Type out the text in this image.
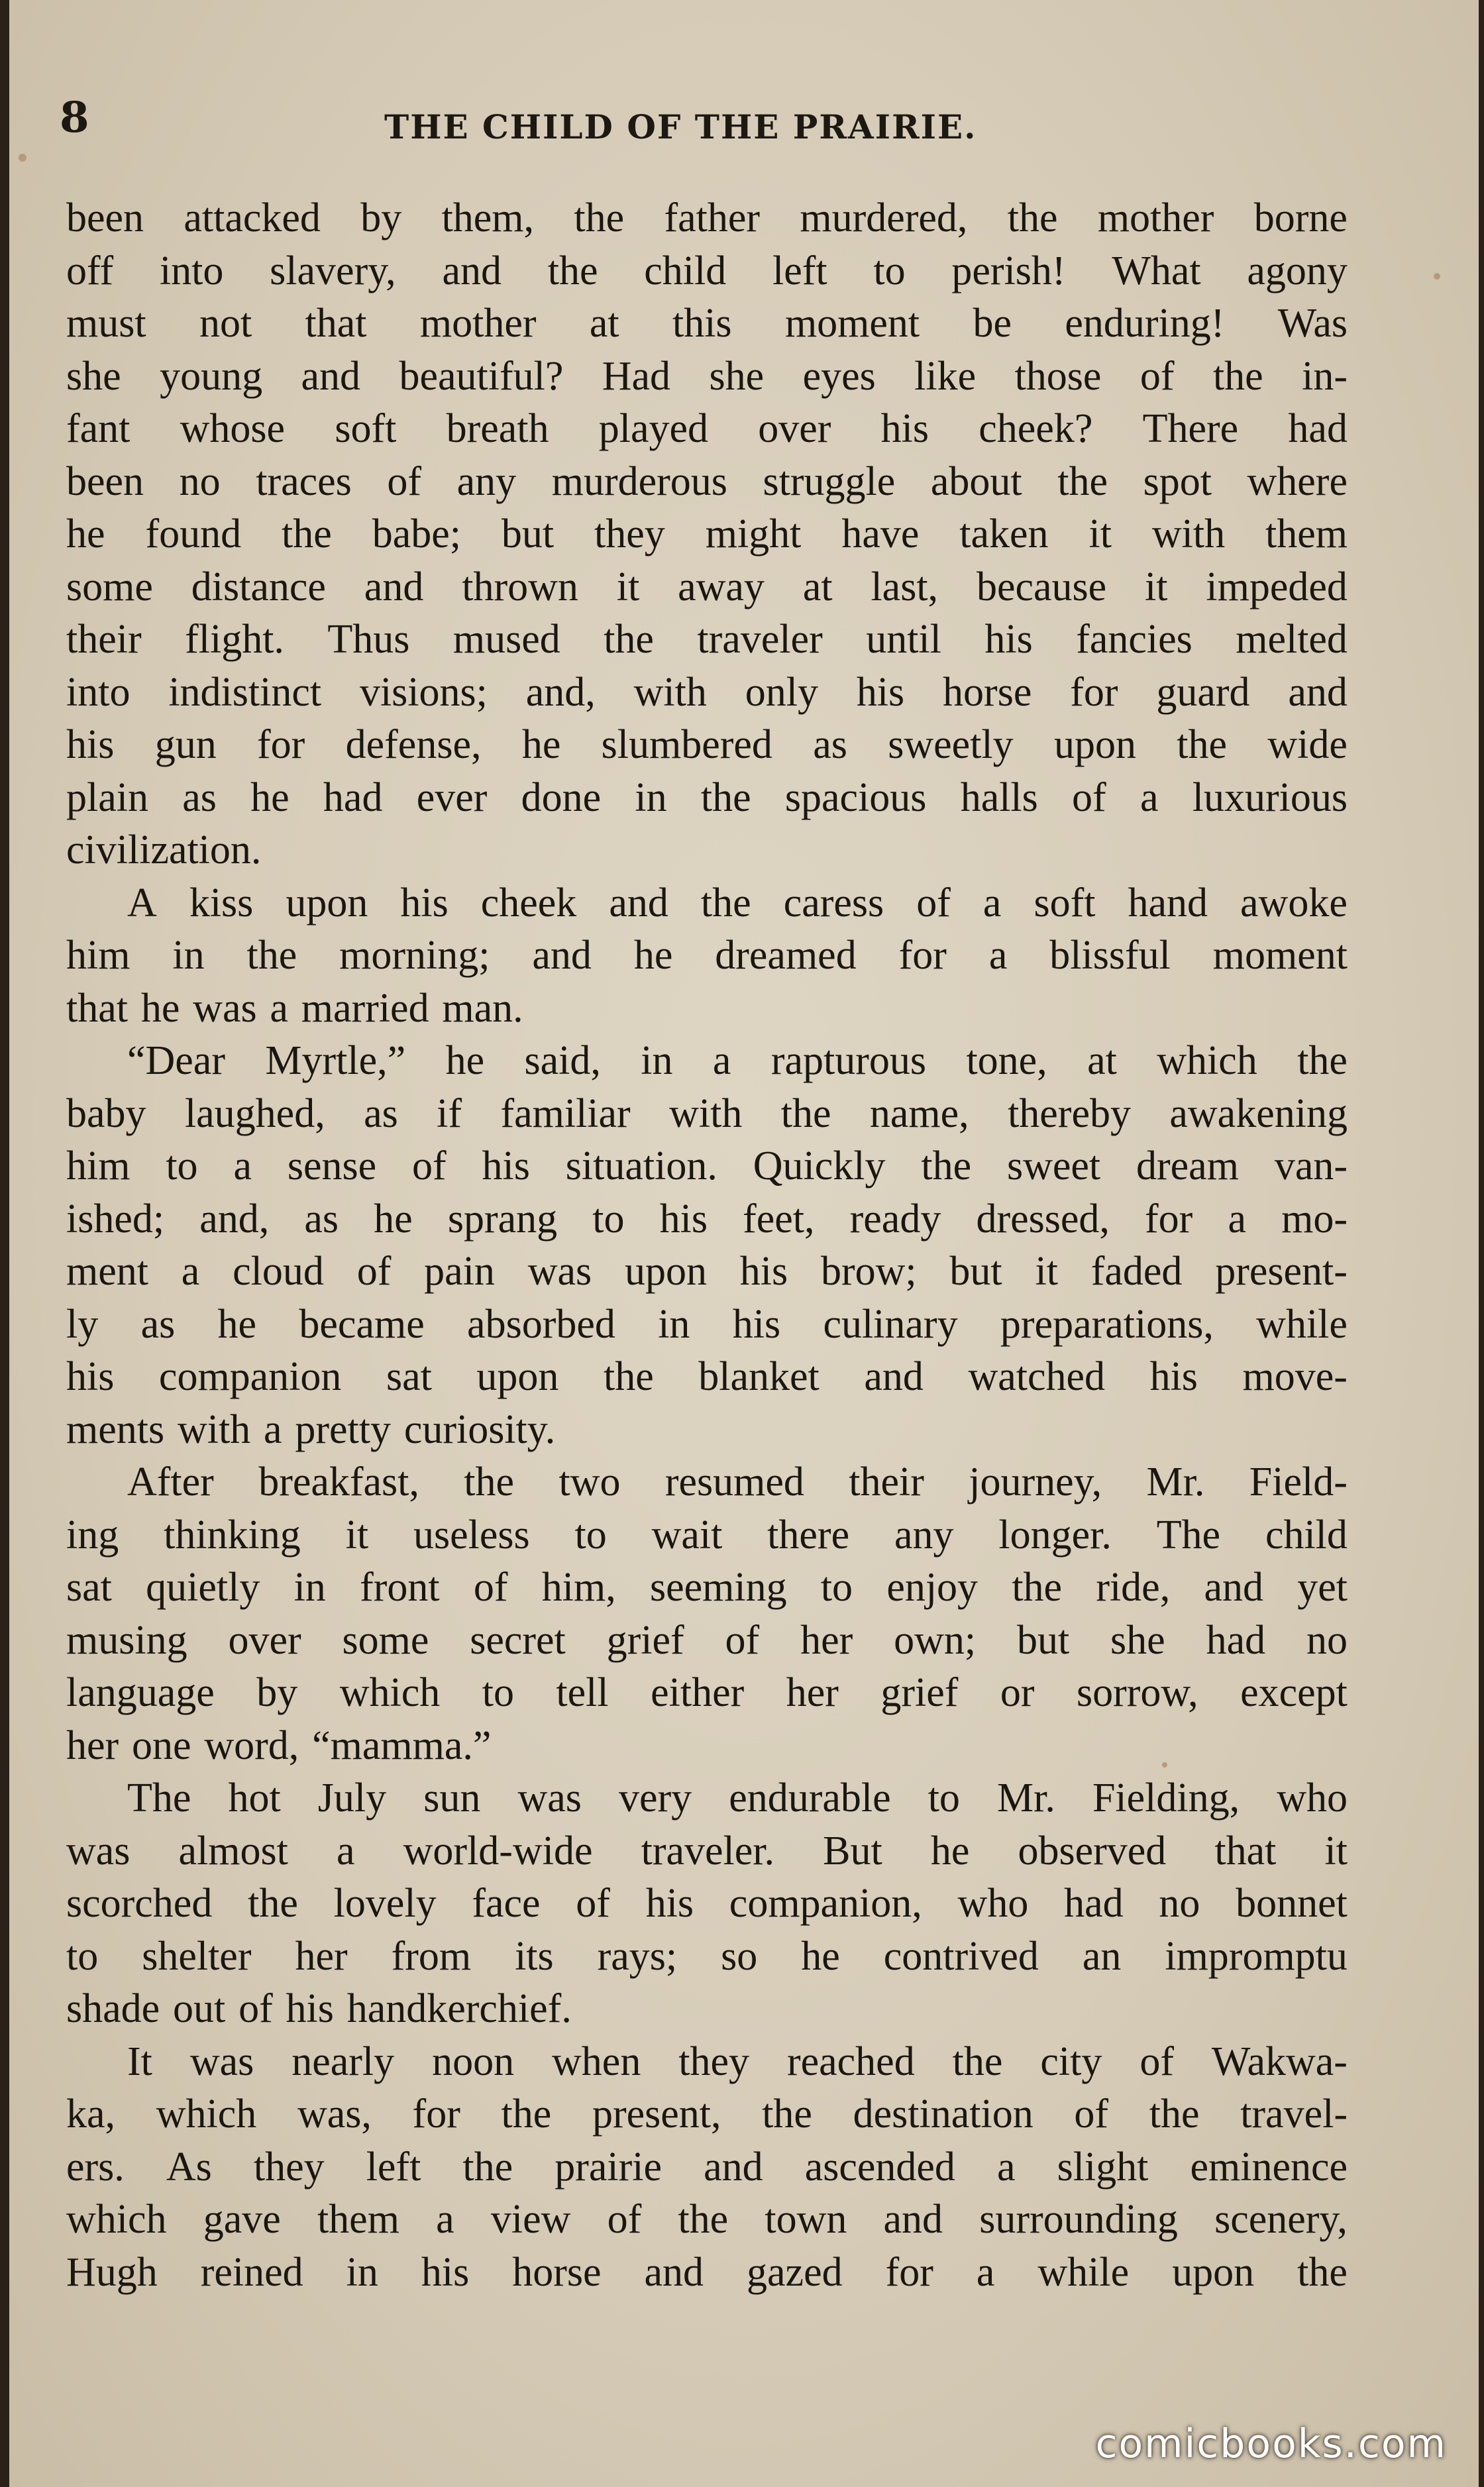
8	THE CHILD OF THE PRAIRIE.
been attacked by them, the father murdered, the mother borne
off into slavery, and the child left to perish! What agony
must not that mother at this moment be enduring! Was
she young and beautiful? Had she eyes like those of the in-
fant whose soft breath played over his cheek? There had
been no traces of any murderous struggle about the spot where
he found the babe; but they might have taken it with them
some distance and thrown it away at last, because it impeded
their flight. Thus mused the traveler until his fancies melted
into indistinct visions; and, with only his horse for guard and
his gun for defense, he slumbered as sweetly upon the wide
plain as he had ever done in the spacious halls of a luxurious
civilization.
A kiss upon his cheek and the caress of a soft hand awoke
him in the morning; and he dreamed for a blissful moment
that he was a married man.
“Dear Myrtle,” he said, in a rapturous tone, at which the
baby laughed, as if familiar with the name, thereby awakening
him to a sense of his situation. Quickly the sweet dream van-
ished; and, as he sprang to his feet, ready dressed, for a mo-
ment a cloud of pain was upon his brow; but it faded present-
ly as he became absorbed in his culinary preparations, while
his companion sat upon the blanket and watched his move-
ments with a pretty curiosity.
After breakfast, the two resumed their journey, Mr. Field-
ing thinking it useless to wait there any longer. The child
sat quietly in front of him, seeming to enjoy the ride, and yet
musing over some secret grief of her own; but she had no
language by which to tell either her grief or sorrow, except
her one word, “mamma.”
The hot July sun was very endurable to Mr. Fielding, who
was almost a world-wide traveler. But he observed that it
scorched the lovely face of his companion, who had no bonnet
to shelter her from its rays; so he contrived an impromptu
shade out of his handkerchief.
It was nearly noon when they reached the city of Wakwa-
ka, which was, for the present, the destination of the travel-
ers. As they left the prairie and ascended a slight eminence
which gave them a view of the town and surrounding scenery,
Hugh reined in his horse and gazed for a while upon the
comicbooks.com
